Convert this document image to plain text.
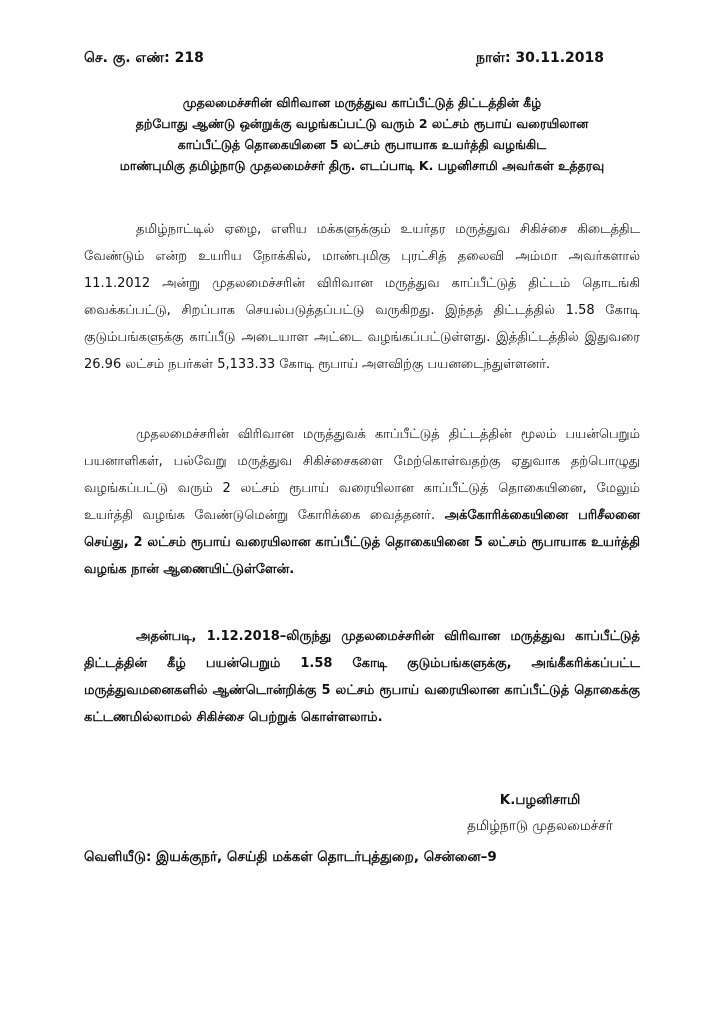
செ. கு. எண்: 218	நாள்: 30.11.2018
முதலமைச்சரின் விரிவான மருத்துவ காப்பீட்டுத் திட்டத்தின் கீழ்
தற்போது ஆண்டு ஒன்றுக்கு வழங்கப்பட்டு வரும் 2 லட்சம் ரூபாய் வரையிலான
காப்பீட்டுத் தொகையினை 5 லட்சம் ரூபாயாக உயர்த்தி வழங்கிட
மாண்புமிகு தமிழ்நாடு முதலமைச்சர் திரு. எடப்பாடி K. பழனிசாமி அவர்கள் உத்தரவு

தமிழ்நாட்டில் ஏழை, எளிய மக்களுக்கும் உயர்தர மருத்துவ சிகிச்சை கிடைத்திட வேண்டும் என்ற உயரிய நோக்கில், மாண்புமிகு புரட்சித் தலைவி அம்மா அவர்களால் 11.1.2012 அன்று முதலமைச்சரின் விரிவான மருத்துவ காப்பீட்டுத் திட்டம் தொடங்கி வைக்கப்பட்டு, சிறப்பாக செயல்படுத்தப்பட்டு வருகிறது. இந்தத் திட்டத்தில் 1.58 கோடி குடும்பங்களுக்கு காப்பீடு அடையாள அட்டை வழங்கப்பட்டுள்ளது. இத்திட்டத்தில் இதுவரை 26.96 லட்சம் நபர்கள் 5,133.33 கோடி ரூபாய் அளவிற்கு பயனடைந்துள்ளனர்.

முதலமைச்சரின் விரிவான மருத்துவக் காப்பீட்டுத் திட்டத்தின் மூலம் பயன்பெறும் பயனாளிகள், பல்வேறு மருத்துவ சிகிச்சைகளை மேற்கொள்வதற்கு ஏதுவாக தற்பொழுது வழங்கப்பட்டு வரும் 2 லட்சம் ரூபாய் வரையிலான காப்பீட்டுத் தொகையினை, மேலும் உயர்த்தி வழங்க வேண்டுமென்று கோரிக்கை வைத்தனர். அக்கோரிக்கையினை பரிசீலனை செய்து, 2 லட்சம் ரூபாய் வரையிலான காப்பீட்டுத் தொகையினை 5 லட்சம் ரூபாயாக உயர்த்தி வழங்க நான் ஆணையிட்டுள்ளேன்.

அதன்படி, 1.12.2018–லிருந்து முதலமைச்சரின் விரிவான மருத்துவ காப்பீட்டுத் திட்டத்தின் கீழ் பயன்பெறும் 1.58 கோடி குடும்பங்களுக்கு, அங்கீகரிக்கப்பட்ட மருத்துவமனைகளில் ஆண்டொன்றிக்கு 5 லட்சம் ரூபாய் வரையிலான காப்பீட்டுத் தொகைக்கு கட்டணமில்லாமல் சிகிச்சை பெற்றுக் கொள்ளலாம்.

K.பழனிசாமி
தமிழ்நாடு முதலமைச்சர்
வெளியீடு: இயக்குநர், செய்தி மக்கள் தொடர்புத்துறை, சென்னை–9
